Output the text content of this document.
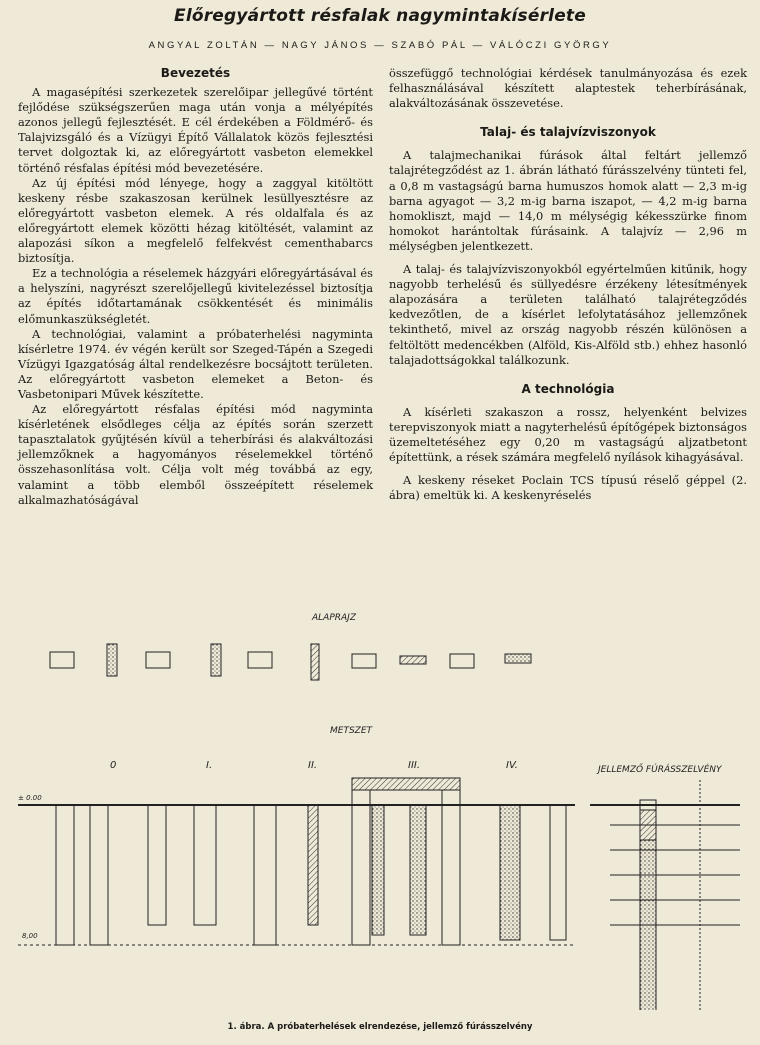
Előregyártott résfalak nagymintakísérlete
ANGYAL ZOLTÁN — NAGY JÁNOS — SZABÓ PÁL — VÁLÓCZI GYÖRGY
Bevezetés

A magasépítési szerkezetek szerelőipar jellegűvé történt fejlődése szükségszerűen maga után vonja a mélyépítés azonos jellegű fejlesztését. E cél érdekében a Földmérő- és Talajvizsgáló és a Vízügyi Építő Vállalatok közös fejlesztési tervet dolgoztak ki, az előregyártott vasbeton elemekkel történő résfalas építési mód bevezetésére.

Az új építési mód lényege, hogy a zaggyal kitöltött keskeny résbe szakaszosan kerülnek lesüllyesztésre az előregyártott vasbeton elemek. A rés oldalfala és az előregyártott elemek közötti hézag kitöltését, valamint az alapozási síkon a megfelelő felfekvést cementhabarcs biztosítja.

Ez a technológia a réselemek házgyári előregyártásával és a helyszíni, nagyrészt szerelőjellegű kivitelezéssel biztosítja az építés időtartamának csökkentését és minimális előmunkaszükségletét.

A technológiai, valamint a próbaterhelési nagyminta kísérletre 1974. év végén került sor Szeged-Tápén a Szegedi Vízügyi Igazgatóság által rendelkezésre bocsájtott területen. Az előregyártott vasbeton elemeket a Beton- és Vasbetonipari Művek készítette.

Az előregyártott résfalas építési mód nagyminta kísérletének elsődleges célja az építés során szerzett tapasztalatok gyűjtésén kívül a teherbírási és alakváltozási jellemzőknek a hagyományos réselemekkel történő összehasonlítása volt. Célja volt még továbbá az egy, valamint a több elemből összeépített réselemek alkalmazhatóságával

összefüggő technológiai kérdések tanulmányozása és ezek felhasználásával készített alaptestek teherbírásának, alakváltozásának összevetése.

Talaj- és talajvízviszonyok

A talajmechanikai fúrások által feltárt jellemző talajrétegződést az 1. ábrán látható fúrásszelvény tünteti fel, a 0,8 m vastagságú barna humuszos homok alatt — 2,3 m-ig barna agyagot — 3,2 m-ig barna iszapot, — 4,2 m-ig barna homokliszt, majd — 14,0 m mélységig kékesszürke finom homokot harántoltak fúrásaink. A talajvíz — 2,96 m mélységben jelentkezett.

A talaj- és talajvízviszonyokból egyértelműen kitűnik, hogy nagyobb terhelésű és süllyedésre érzékeny létesítmények alapozására a területen található talajrétegződés kedvezőtlen, de a kísérlet lefolytatásához jellemzőnek tekinthető, mivel az ország nagyobb részén különösen a feltöltött medencékben (Alföld, Kis-Alföld stb.) ehhez hasonló talajadottságokkal találkozunk.

A technológia

A kísérleti szakaszon a rossz, helyenként belvizes terepviszonyok miatt a nagyterhelésű építőgépek biztonságos üzemeltetéséhez egy 0,20 m vastagságú aljzatbetont építettünk, a rések számára megfelelő nyílások kihagyásával.

A keskeny réseket Poclain TCS típusú réselő géppel (2. ábra) emeltük ki. A keskenyréselés

ALAPRAJZ
METSZET
0	I.	II.	III.	IV.	JELLEMZŐ FÚRÁSSZELVÉNY
± 0.00
8,00
1. ábra. A próbaterhelések elrendezése, jellemző fúrásszelvény
